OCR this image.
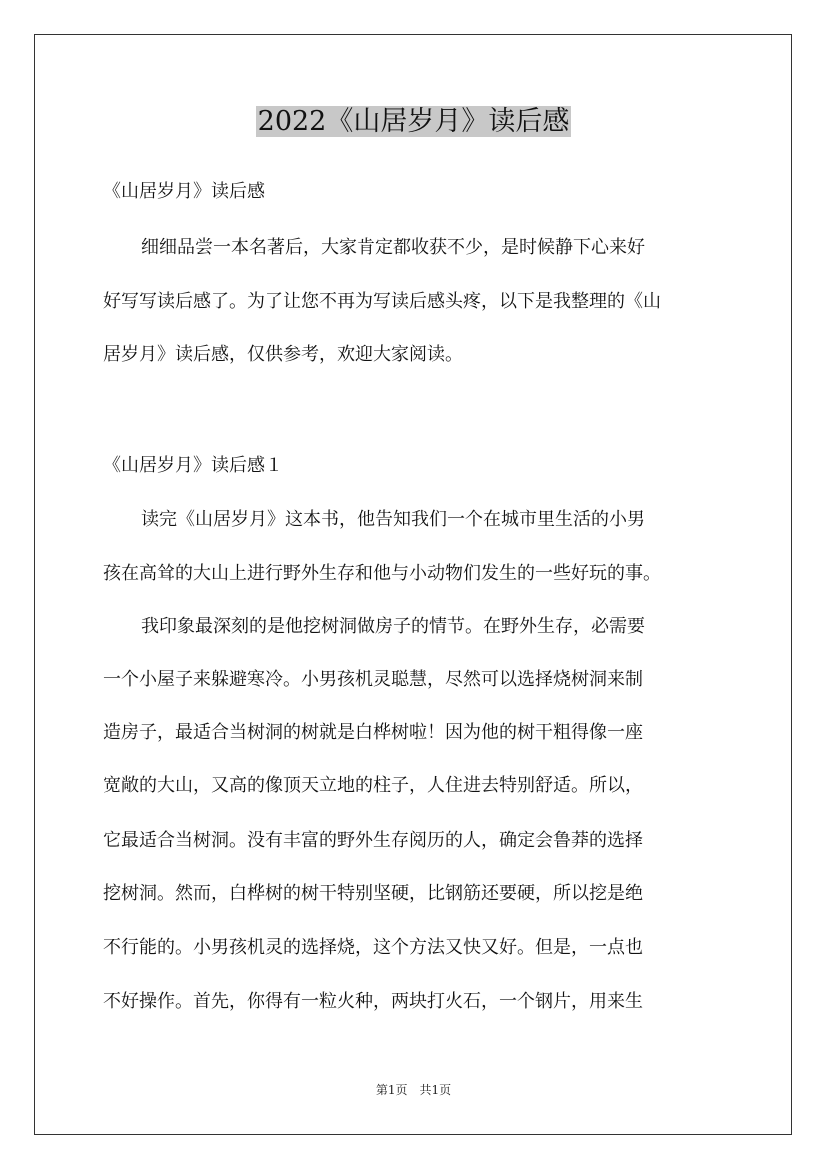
2022《山居岁月》读后感
《山居岁月》读后感
细细品尝一本名著后，大家肯定都收获不少，是时候静下心来好
好写写读后感了。为了让您不再为写读后感头疼，以下是我整理的《山
居岁月》读后感，仅供参考，欢迎大家阅读。
《山居岁月》读后感１
读完《山居岁月》这本书，他告知我们一个在城市里生活的小男
孩在高耸的大山上进行野外生存和他与小动物们发生的一些好玩的事。
我印象最深刻的是他挖树洞做房子的情节。在野外生存，必需要
一个小屋子来躲避寒冷。小男孩机灵聪慧，尽然可以选择烧树洞来制
造房子，最适合当树洞的树就是白桦树啦！因为他的树干粗得像一座
宽敞的大山，又高的像顶天立地的柱子，人住进去特别舒适。所以，
它最适合当树洞。没有丰富的野外生存阅历的人，确定会鲁莽的选择
挖树洞。然而，白桦树的树干特别坚硬，比钢筋还要硬，所以挖是绝
不行能的。小男孩机灵的选择烧，这个方法又快又好。但是，一点也
不好操作。首先，你得有一粒火种，两块打火石，一个钢片，用来生
第1页　共1页
